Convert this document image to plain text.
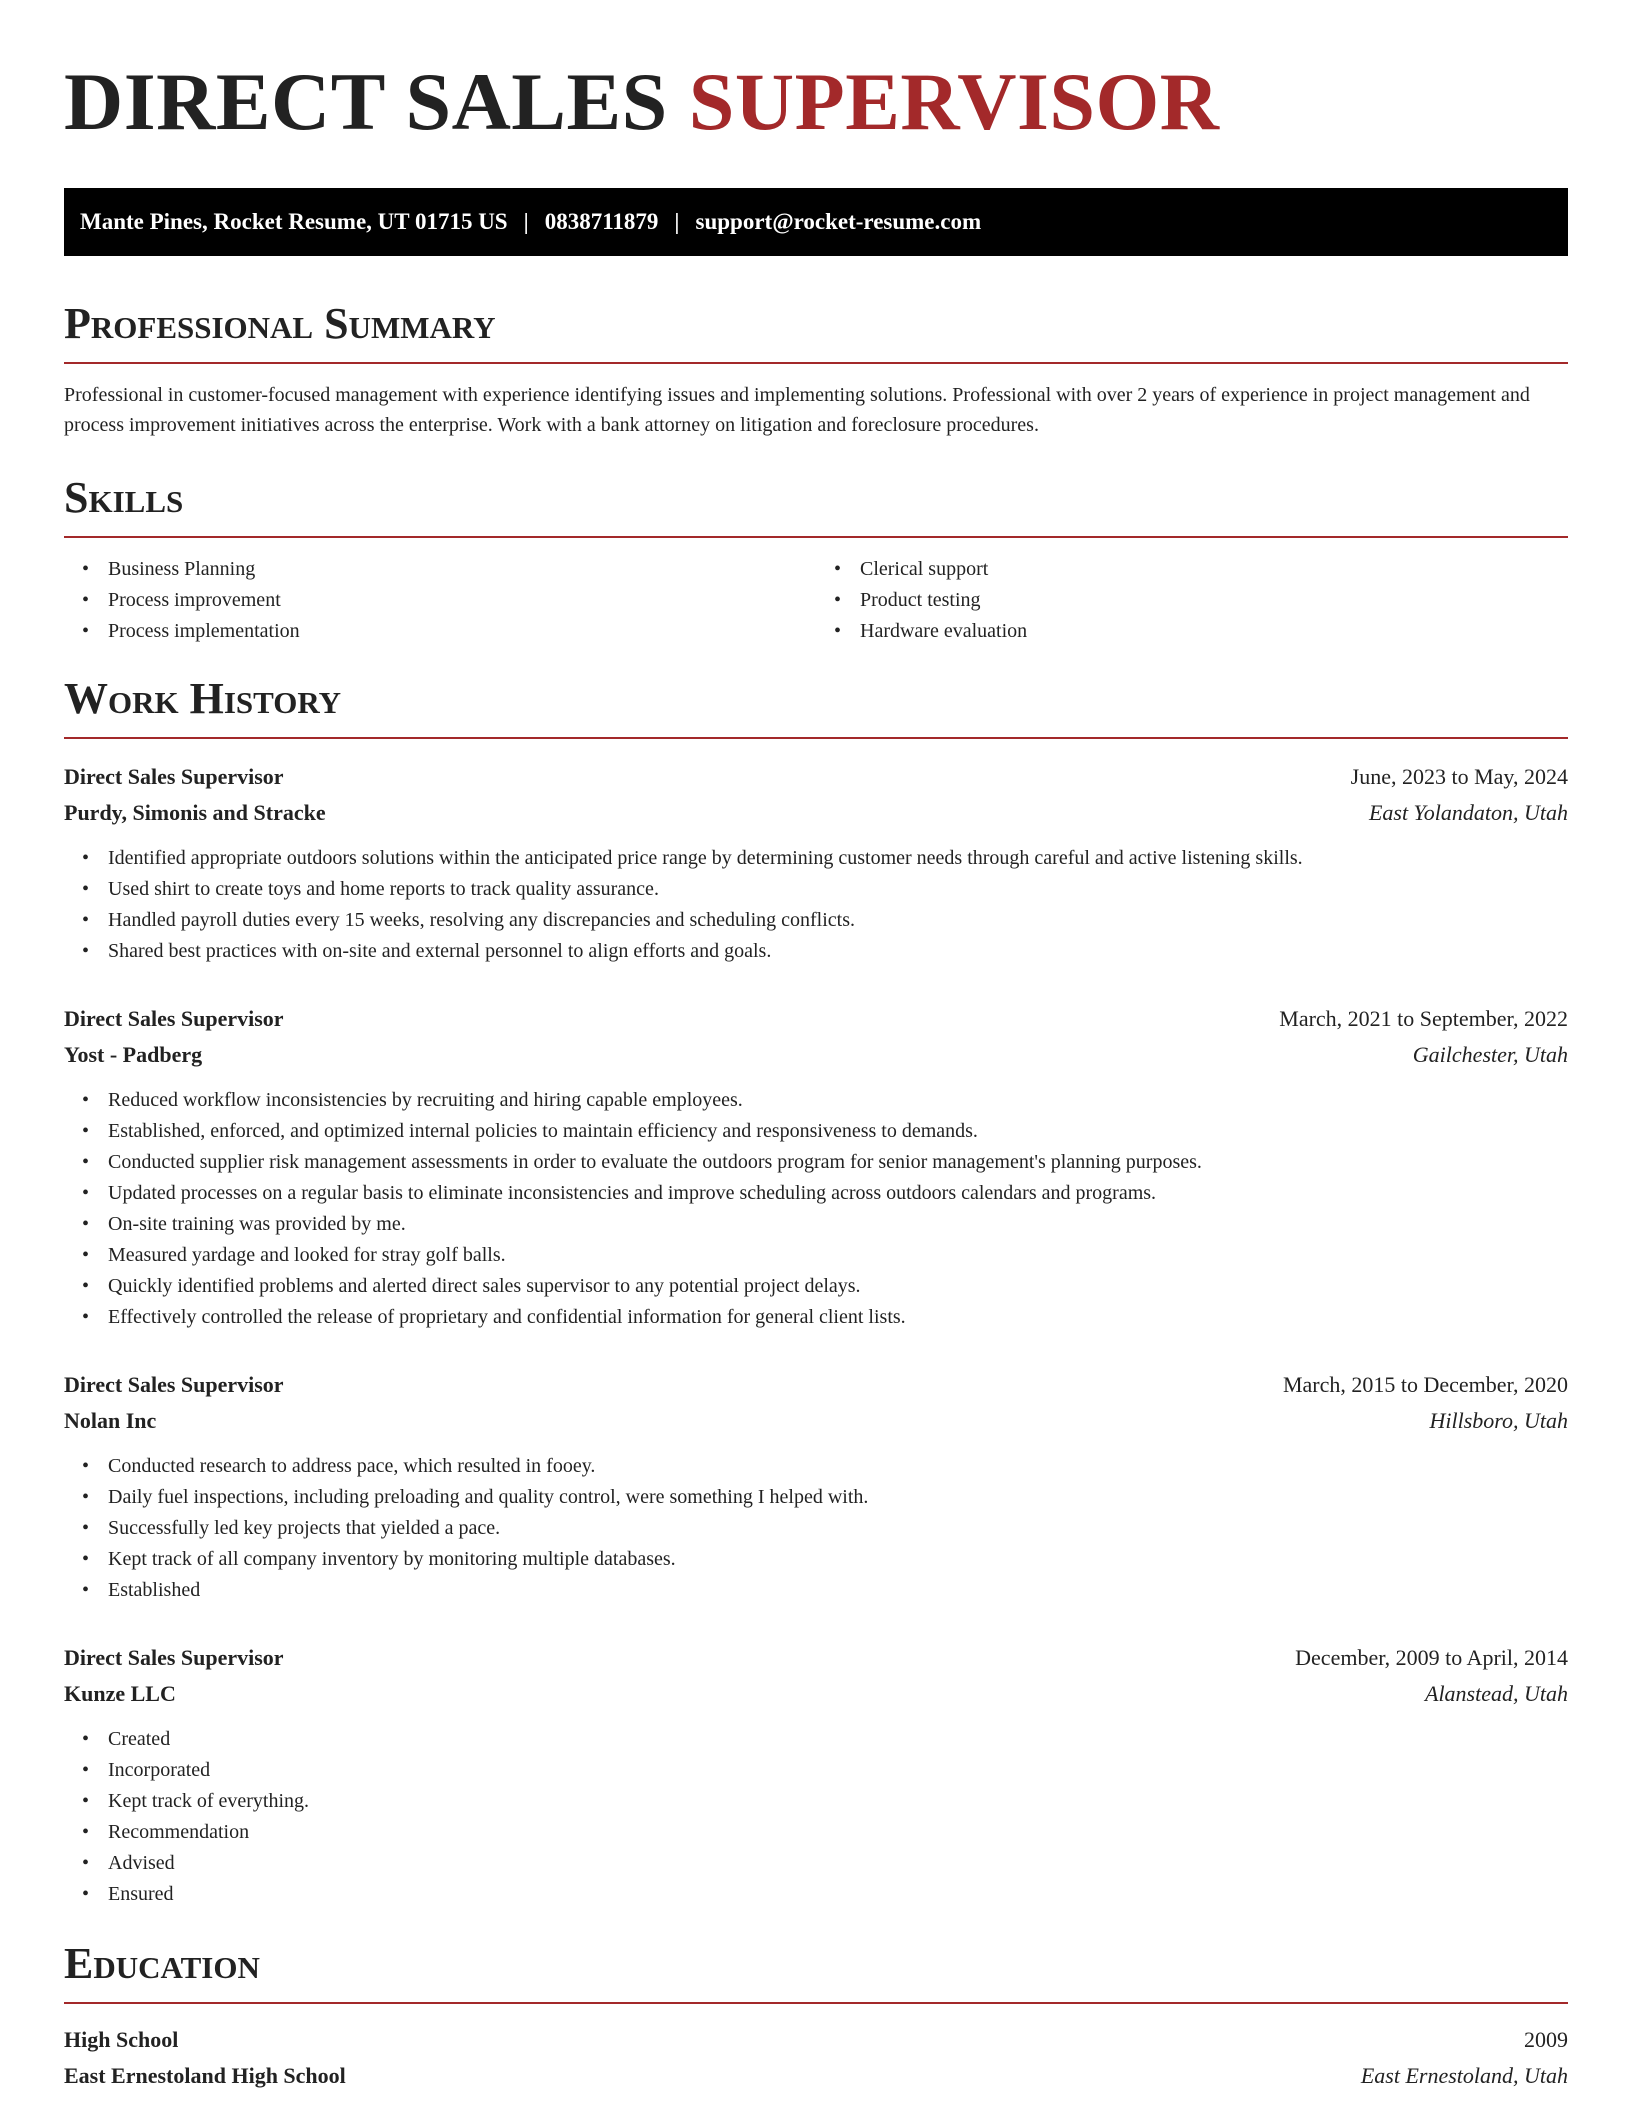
DIRECT SALES SUPERVISOR
Mante Pines, Rocket Resume, UT 01715 US | 0838711879 | support@rocket-resume.com
Professional Summary

Professional in customer-focused management with experience identifying issues and implementing solutions. Professional with over 2 years of experience in project management and process improvement initiatives across the enterprise. Work with a bank attorney on litigation and foreclosure procedures.

Skills
• Business Planning
• Process improvement
• Process implementation
• Clerical support
• Product testing
• Hardware evaluation
Work History
Direct Sales Supervisor	June, 2023 to May, 2024
Purdy, Simonis and Stracke	East Yolandaton, Utah
• Identified appropriate outdoors solutions within the anticipated price range by determining customer needs through careful and active listening skills.
• Used shirt to create toys and home reports to track quality assurance.
• Handled payroll duties every 15 weeks, resolving any discrepancies and scheduling conflicts.
• Shared best practices with on-site and external personnel to align efforts and goals.
Direct Sales Supervisor	March, 2021 to September, 2022
Yost - Padberg	Gailchester, Utah
• Reduced workflow inconsistencies by recruiting and hiring capable employees.
• Established, enforced, and optimized internal policies to maintain efficiency and responsiveness to demands.
• Conducted supplier risk management assessments in order to evaluate the outdoors program for senior management's planning purposes.
• Updated processes on a regular basis to eliminate inconsistencies and improve scheduling across outdoors calendars and programs.
• On-site training was provided by me.
• Measured yardage and looked for stray golf balls.
• Quickly identified problems and alerted direct sales supervisor to any potential project delays.
• Effectively controlled the release of proprietary and confidential information for general client lists.
Direct Sales Supervisor	March, 2015 to December, 2020
Nolan Inc	Hillsboro, Utah
• Conducted research to address pace, which resulted in fooey.
• Daily fuel inspections, including preloading and quality control, were something I helped with.
• Successfully led key projects that yielded a pace.
• Kept track of all company inventory by monitoring multiple databases.
• Established
Direct Sales Supervisor	December, 2009 to April, 2014
Kunze LLC	Alanstead, Utah
• Created
• Incorporated
• Kept track of everything.
• Recommendation
• Advised
• Ensured
Education
High School	2009
East Ernestoland High School	East Ernestoland, Utah
